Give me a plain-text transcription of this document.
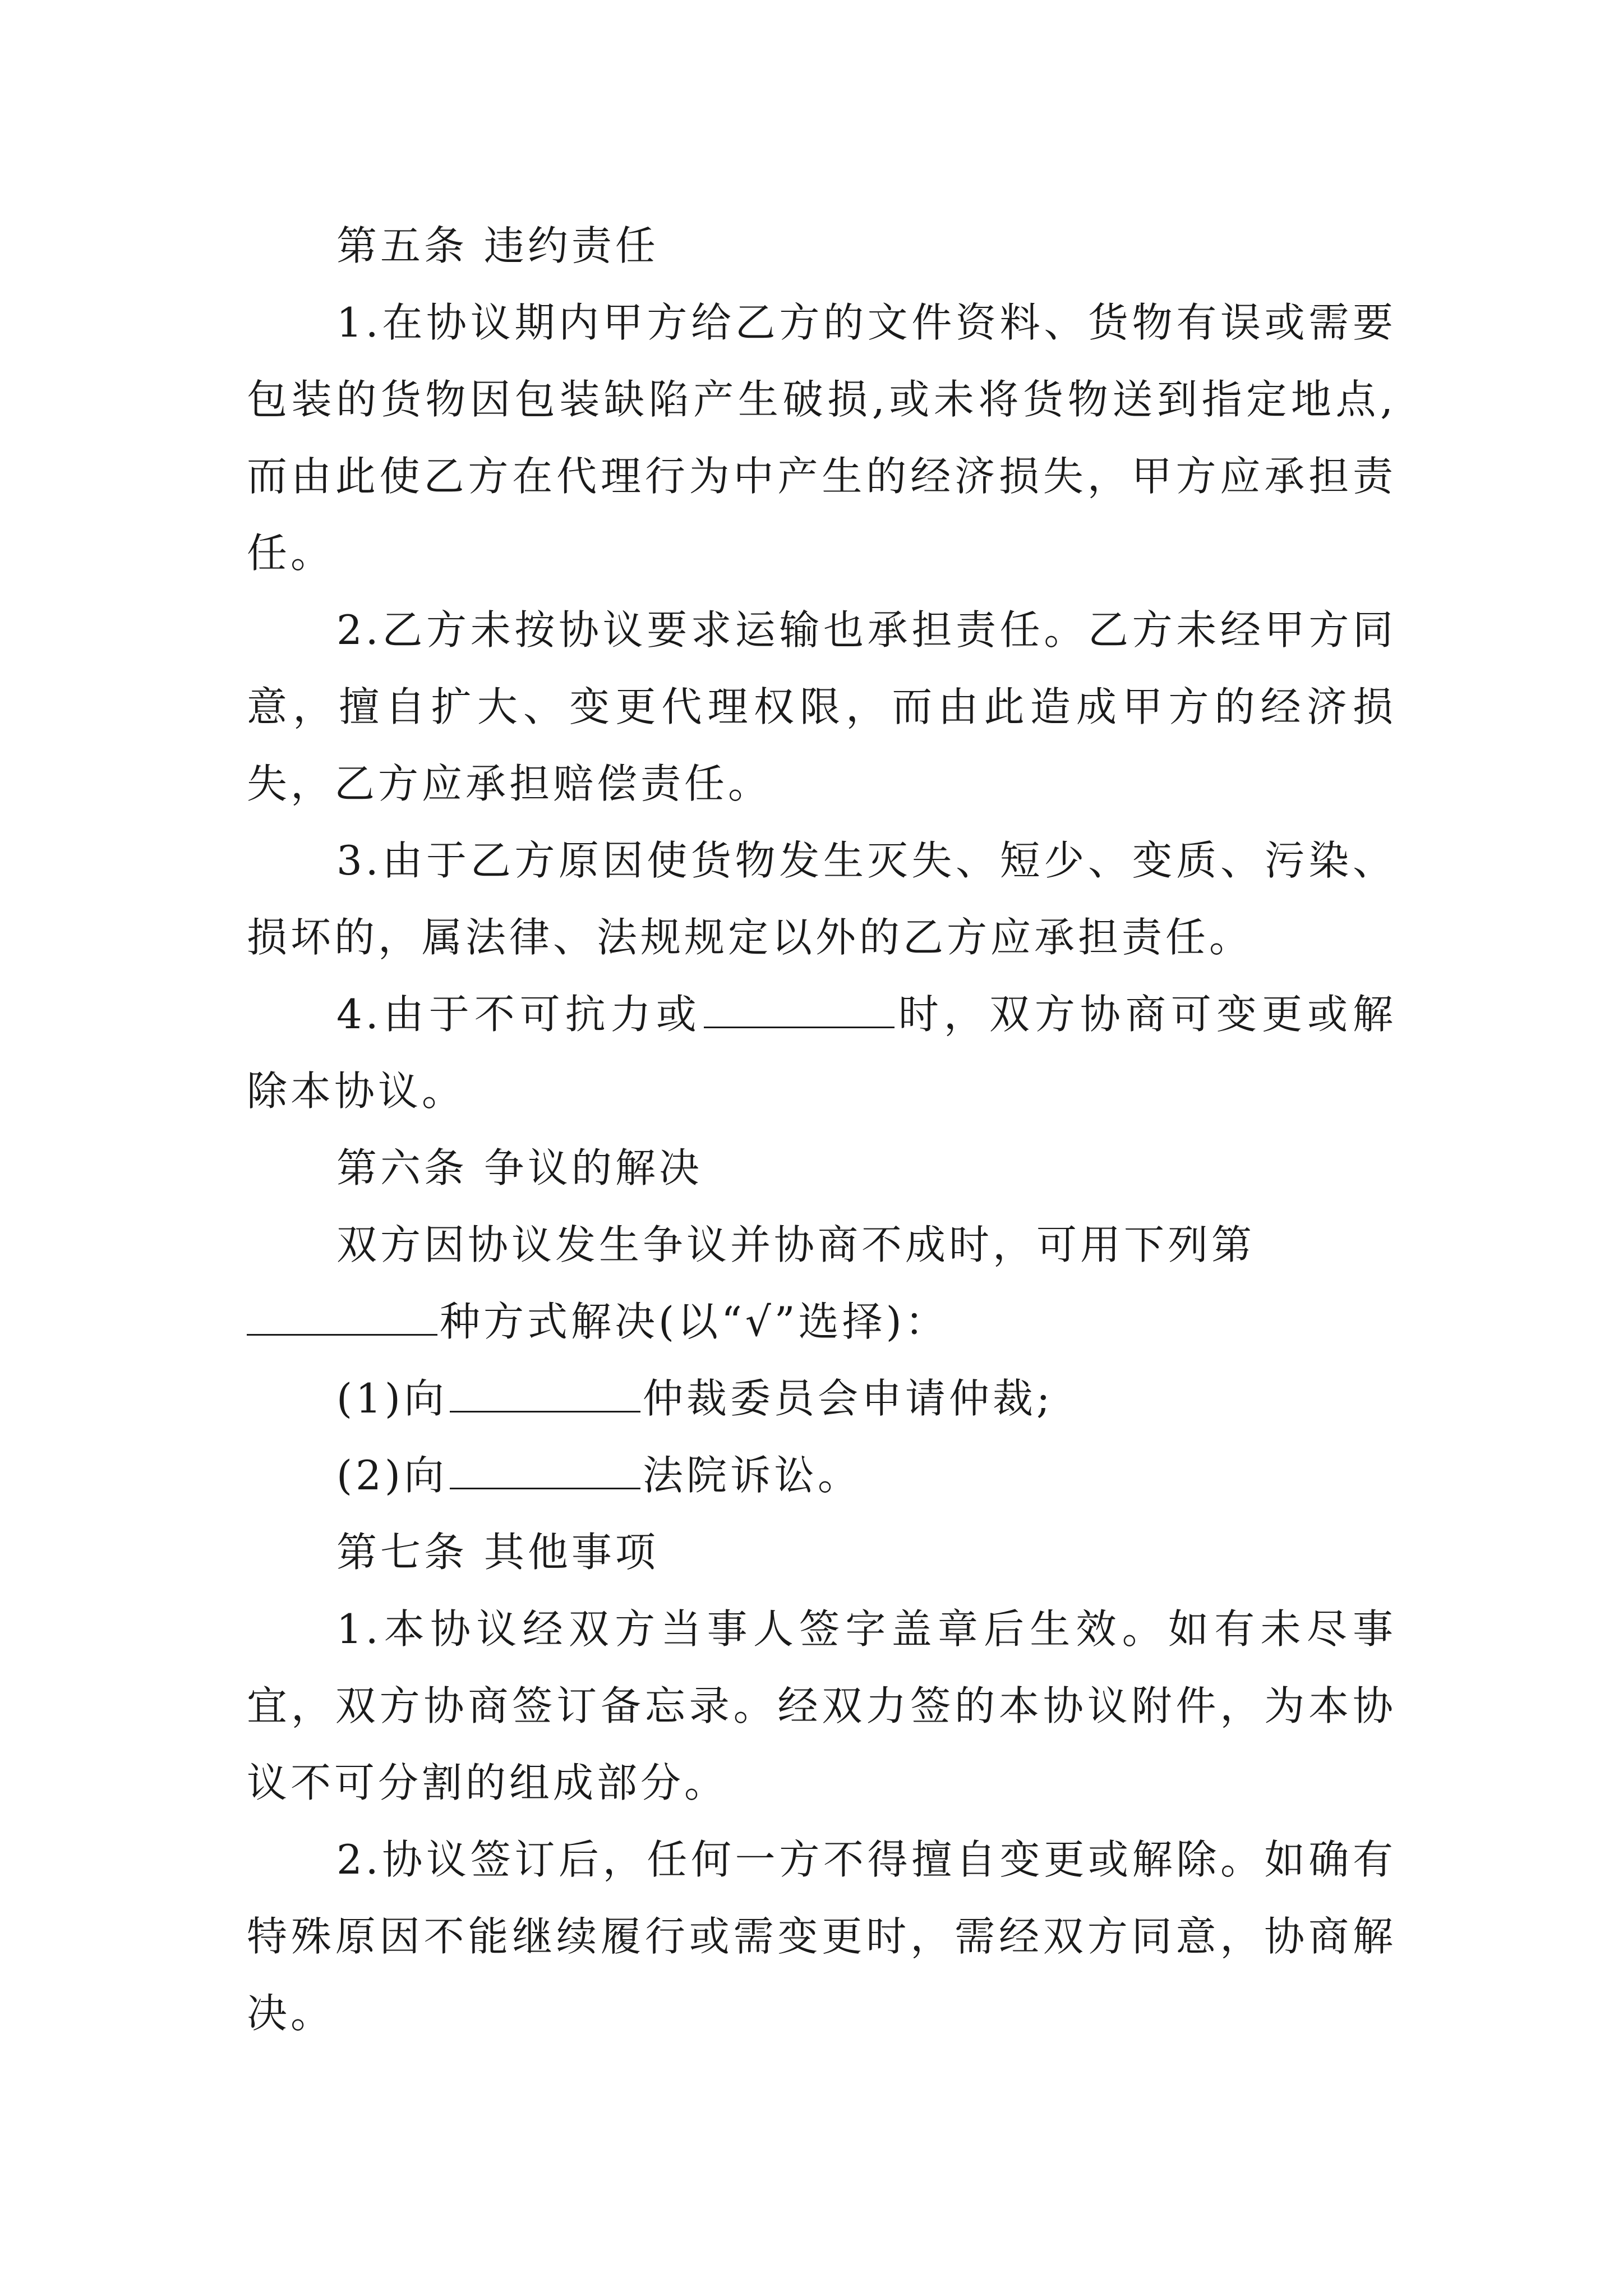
第五条 违约责任

1.在协议期内甲方给乙方的文件资料、货物有误或需要包装的货物因包装缺陷产生破损,或未将货物送到指定地点,而由此使乙方在代理行为中产生的经济损失，甲方应承担责任。

2.乙方未按协议要求运输也承担责任。乙方未经甲方同意，擅自扩大、变更代理权限，而由此造成甲方的经济损失，乙方应承担赔偿责任。

3.由于乙方原因使货物发生灭失、短少、变质、污染、损坏的，属法律、法规规定以外的乙方应承担责任。

4.由于不可抗力或	时，双方协商可变更或解除本协议。

第六条 争议的解决

双方因协议发生争议并协商不成时，可用下列第

种方式解决(以“√”选择)：

(1)向	仲裁委员会申请仲裁;

(2)向	法院诉讼。

第七条 其他事项

1.本协议经双方当事人签字盖章后生效。如有未尽事宜，双方协商签订备忘录。经双力签的本协议附件，为本协议不可分割的组成部分。

2.协议签订后，任何一方不得擅自变更或解除。如确有特殊原因不能继续履行或需变更时，需经双方同意，协商解决。
